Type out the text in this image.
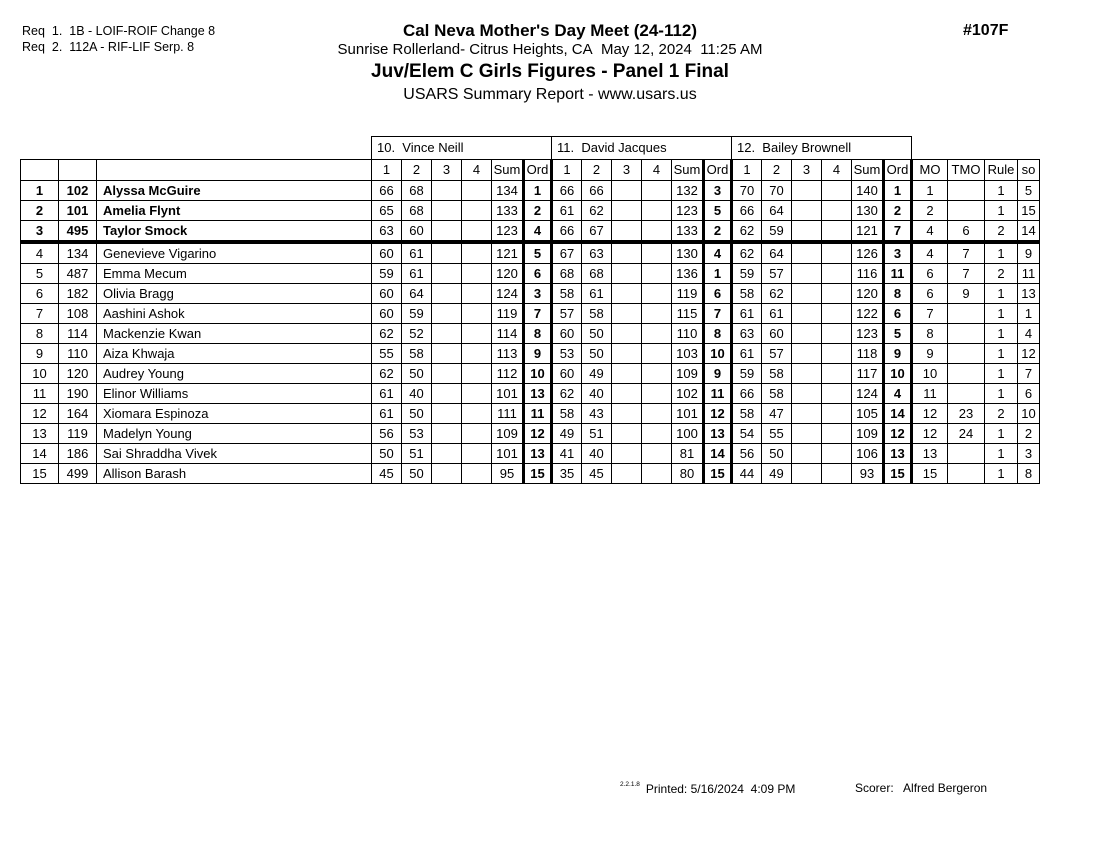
Req  1.  1B - LOIF-ROIF Change 8
Req  2.  112A - RIF-LIF Serp. 8
Cal Neva Mother's Day Meet (24-112)
Sunrise Rollerland- Citrus Heights, CA  May 12, 2024  11:25 AM
Juv/Elem C Girls Figures - Panel 1 Final
USARS Summary Report - www.usars.us
#107F
			10.  Vince Neill						11.  David Jacques						12.  Bailey Brownell									
			1	2	3	4	Sum	Ord	1	2	3	4	Sum	Ord	1	2	3	4	Sum	Ord	MO	TMO	Rule	so
1	102	Alyssa McGuire	66	68			134	1	66	66			132	3	70	70			140	1	1		1	5
2	101	Amelia Flynt	65	68			133	2	61	62			123	5	66	64			130	2	2		1	15
3	495	Taylor Smock	63	60			123	4	66	67			133	2	62	59			121	7	4	6	2	14
4	134	Genevieve Vigarino	60	61			121	5	67	63			130	4	62	64			126	3	4	7	1	9
5	487	Emma Mecum	59	61			120	6	68	68			136	1	59	57			116	11	6	7	2	11
6	182	Olivia Bragg	60	64			124	3	58	61			119	6	58	62			120	8	6	9	1	13
7	108	Aashini Ashok	60	59			119	7	57	58			115	7	61	61			122	6	7		1	1
8	114	Mackenzie Kwan	62	52			114	8	60	50			110	8	63	60			123	5	8		1	4
9	110	Aiza Khwaja	55	58			113	9	53	50			103	10	61	57			118	9	9		1	12
10	120	Audrey Young	62	50			112	10	60	49			109	9	59	58			117	10	10		1	7
11	190	Elinor Williams	61	40			101	13	62	40			102	11	66	58			124	4	11		1	6
12	164	Xiomara Espinoza	61	50			111	11	58	43			101	12	58	47			105	14	12	23	2	10
13	119	Madelyn Young	56	53			109	12	49	51			100	13	54	55			109	12	12	24	1	2
14	186	Sai Shraddha Vivek	50	51			101	13	41	40			81	14	56	50			106	13	13		1	3
15	499	Allison Barash	45	50			95	15	35	45			80	15	44	49			93	15	15		1	8
$^{2.2.1.8}$ Printed: 5/16/2024  4:09 PM	Scorer: Alfred Bergeron
